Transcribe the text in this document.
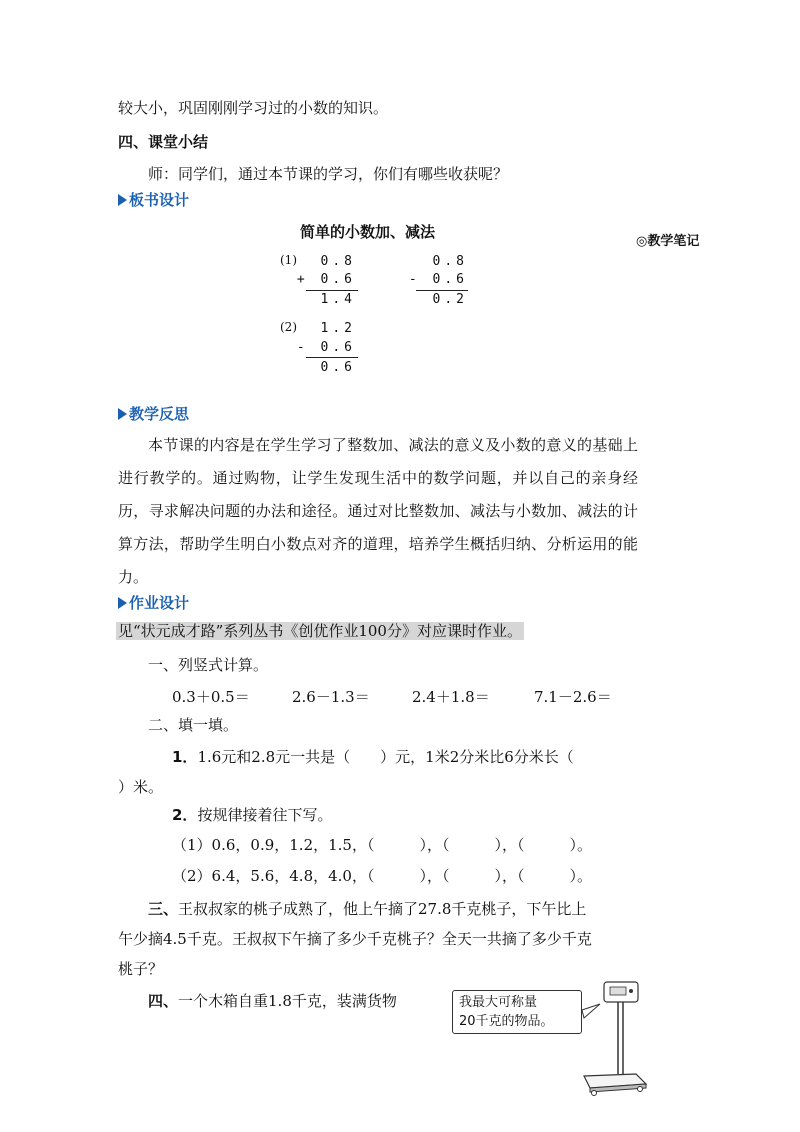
较大小，巩固刚刚学习过的小数的知识。
四、课堂小结
师：同学们，通过本节课的学习，你们有哪些收获呢？
板书设计
简单的小数加、减法
◎教学笔记
(1)	0.8
+ 0.6
1.4
0.8
- 0.6
0.2
(2)	1.2
- 0.6
0.6
教学反思
本节课的内容是在学生学习了整数加、减法的意义及小数的意义的基础上进行教学的。通过购物，让学生发现生活中的数学问题，并以自己的亲身经历，寻求解决问题的办法和途径。通过对比整数加、减法与小数加、减法的计算方法，帮助学生明白小数点对齐的道理，培养学生概括归纳、分析运用的能力。
作业设计
见“状元成才路”系列丛书《创优作业100分》对应课时作业。
一、列竖式计算。
0.3＋0.5＝	2.6－1.3＝	2.4＋1.8＝	7.1－2.6＝
二、填一填。
1．1.6元和2.8元一共是（　　）元，1米2分米比6分米长（
）米。
2．按规律接着往下写。
（1）0.6，0.9，1.2，1.5，（　　　），（　　　），（　　　）。
（2）6.4，5.6，4.8，4.0，（　　　），（　　　），（　　　）。
三、王叔叔家的桃子成熟了，他上午摘了27.8千克桃子，下午比上
午少摘4.5千克。王叔叔下午摘了多少千克桃子？全天一共摘了多少千克
桃子？
四、一个木箱自重1.8千克，装满货物	我最大可称量
20千克的物品。
